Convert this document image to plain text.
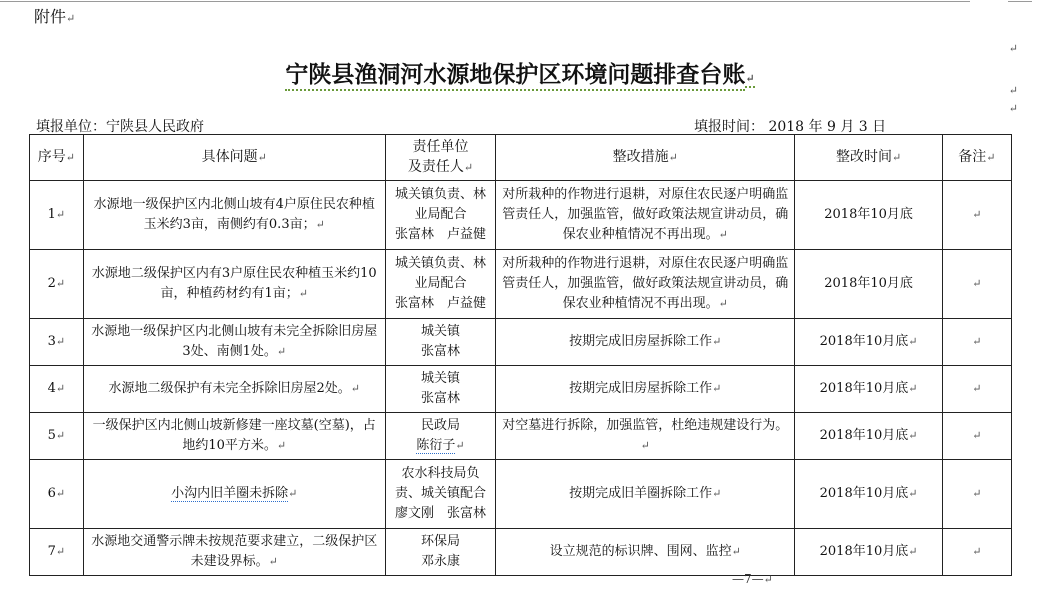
附件↵
宁陕县渔洞河水源地保护区环境问题排查台账↵
填报单位：宁陕县人民政府	填报时间： 2018 年 9 月 3 日
↵
↵
↵
序号↵	具体问题↵	责任单位
及责任人↵	整改措施↵	整改时间↵	备注↵
1↵	水源地一级保护区内北侧山坡有4户原住民农种植玉米约3亩，南侧约有0.3亩；↵	城关镇负责、林业局配合
张富林　卢益健	对所栽种的作物进行退耕，对原住农民逐户明确监管责任人，加强监管，做好政策法规宣讲动员，确保农业种植情况不再出现。↵	2018年10月底	↵
2↵	水源地二级保护区内有3户原住民农种植玉米约10亩，种植药材约有1亩；↵	城关镇负责、林业局配合
张富林　卢益健	对所栽种的作物进行退耕，对原住农民逐户明确监管责任人，加强监管，做好政策法规宣讲动员，确保农业种植情况不再出现。↵	2018年10月底	↵
3↵	水源地一级保护区内北侧山坡有未完全拆除旧房屋3处、南侧1处。↵	城关镇
张富林	按期完成旧房屋拆除工作↵	2018年10月底↵	↵
4↵	水源地二级保护有未完全拆除旧房屋2处。↵	城关镇
张富林	按期完成旧房屋拆除工作↵	2018年10月底↵	↵
5↵	一级保护区内北侧山坡新修建一座坟墓(空墓)，占地约10平方米。↵	民政局
陈衍子↵	对空墓进行拆除，加强监管，杜绝违规建设行为。↵	2018年10月底↵	↵
6↵	小沟内旧羊圈未拆除↵	农水科技局负责、城关镇配合
廖文刚　张富林	按期完成旧羊圈拆除工作↵	2018年10月底↵	↵
7↵	水源地交通警示牌未按规范要求建立，二级保护区未建设界标。↵	环保局
邓永康	设立规范的标识牌、围网、监控↵	2018年10月底↵	↵
—7—↵
